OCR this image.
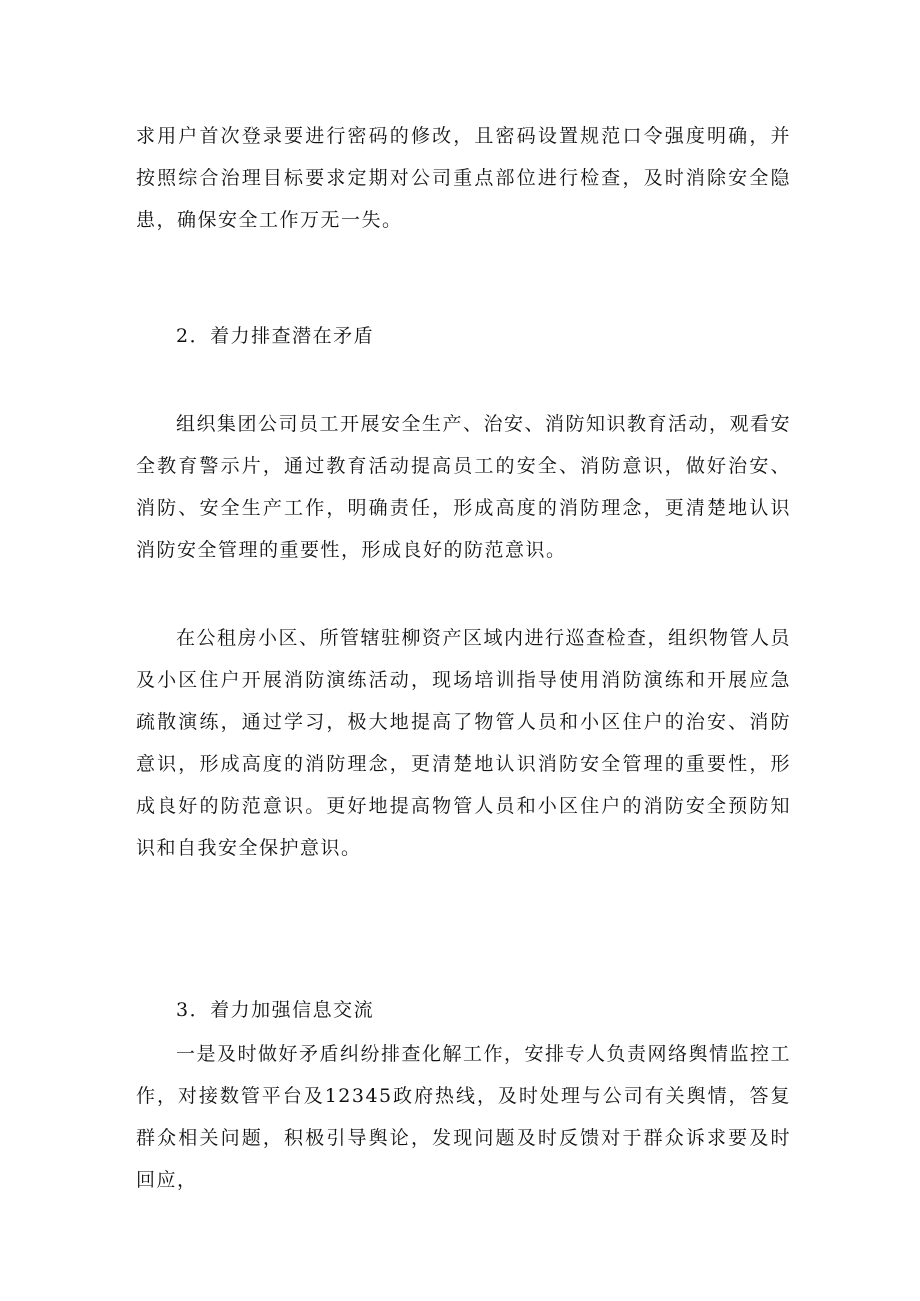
求用户首次登录要进行密码的修改，且密码设置规范口令强度明确，并按照综合治理目标要求定期对公司重点部位进行检查，及时消除安全隐患，确保安全工作万无一失。

2．着力排查潜在矛盾

组织集团公司员工开展安全生产、治安、消防知识教育活动，观看安全教育警示片，通过教育活动提高员工的安全、消防意识，做好治安、消防、安全生产工作，明确责任，形成高度的消防理念，更清楚地认识消防安全管理的重要性，形成良好的防范意识。

在公租房小区、所管辖驻柳资产区域内进行巡查检查，组织物管人员及小区住户开展消防演练活动，现场培训指导使用消防演练和开展应急疏散演练，通过学习，极大地提高了物管人员和小区住户的治安、消防意识，形成高度的消防理念，更清楚地认识消防安全管理的重要性，形成良好的防范意识。更好地提高物管人员和小区住户的消防安全预防知识和自我安全保护意识。

3．着力加强信息交流

一是及时做好矛盾纠纷排查化解工作，安排专人负责网络舆情监控工作，对接数管平台及12345政府热线，及时处理与公司有关舆情，答复群众相关问题，积极引导舆论，发现问题及时反馈对于群众诉求要及时回应，
